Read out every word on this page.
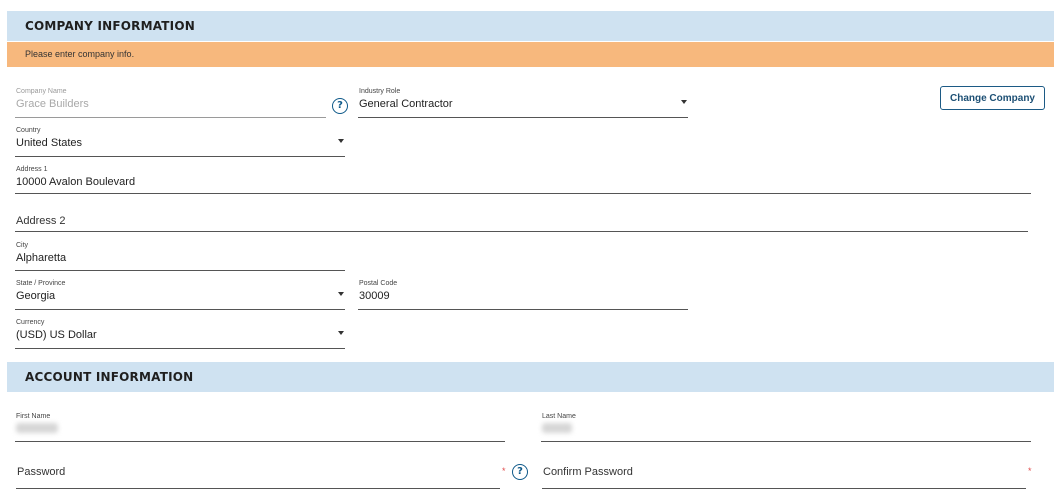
COMPANY INFORMATION
Please enter company info.
Company Name
Grace Builders	?
Industry Role
General Contractor	Change Company
Country
United States
Address 1
10000 Avalon Boulevard
Address 2
City
Alpharetta
State / Province
Georgia
Postal Code
30009
Currency
(USD) US Dollar
ACCOUNT INFORMATION
First Name	Last Name
Password	*	?	Confirm Password	*
